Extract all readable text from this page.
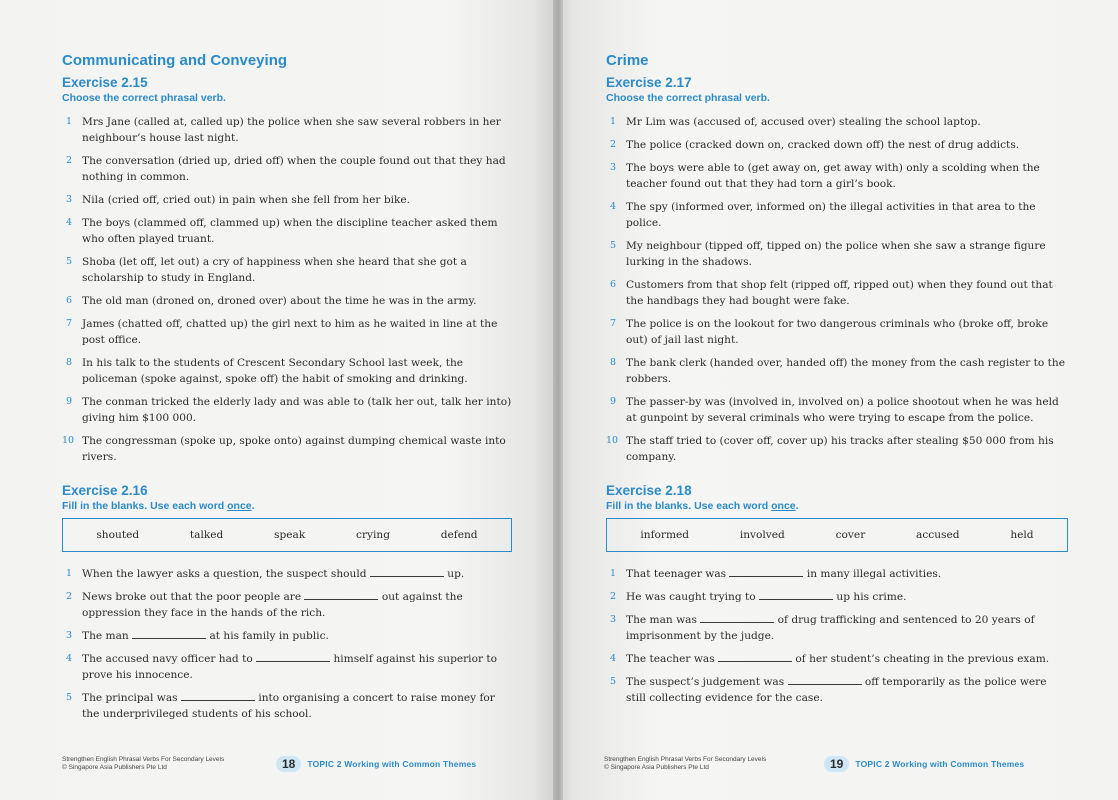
Communicating and Conveying
Exercise 2.15
Choose the correct phrasal verb.
1 Mrs Jane (called at, called up) the police when she saw several robbers in her neighbour’s house last night.
2 The conversation (dried up, dried off) when the couple found out that they had nothing in common.
3 Nila (cried off, cried out) in pain when she fell from her bike.
4 The boys (clammed off, clammed up) when the discipline teacher asked them who often played truant.
5 Shoba (let off, let out) a cry of happiness when she heard that she got a scholarship to study in England.
6 The old man (droned on, droned over) about the time he was in the army.
7 James (chatted off, chatted up) the girl next to him as he waited in line at the post office.
8 In his talk to the students of Crescent Secondary School last week, the policeman (spoke against, spoke off) the habit of smoking and drinking.
9 The conman tricked the elderly lady and was able to (talk her out, talk her into) giving him $100 000.
10 The congressman (spoke up, spoke onto) against dumping chemical waste into rivers.
Exercise 2.16
Fill in the blanks. Use each word once.
shouted	talked	speak	crying	defend
1 When the lawyer asks a question, the suspect should	up.
2 News broke out that the poor people are	out against the oppression they face in the hands of the rich.
3 The man	at his family in public.
4 The accused navy officer had to	himself against his superior to prove his innocence.
5 The principal was	into organising a concert to raise money for the underprivileged students of his school.
Strengthen English Phrasal Verbs For Secondary Levels
© Singapore Asia Publishers Pte Ltd	18	TOPIC 2 Working with Common Themes
Crime
Exercise 2.17
Choose the correct phrasal verb.
1 Mr Lim was (accused of, accused over) stealing the school laptop.
2 The police (cracked down on, cracked down off) the nest of drug addicts.
3 The boys were able to (get away on, get away with) only a scolding when the teacher found out that they had torn a girl’s book.
4 The spy (informed over, informed on) the illegal activities in that area to the police.
5 My neighbour (tipped off, tipped on) the police when she saw a strange figure lurking in the shadows.
6 Customers from that shop felt (ripped off, ripped out) when they found out that the handbags they had bought were fake.
7 The police is on the lookout for two dangerous criminals who (broke off, broke out) of jail last night.
8 The bank clerk (handed over, handed off) the money from the cash register to the robbers.
9 The passer-by was (involved in, involved on) a police shootout when he was held at gunpoint by several criminals who were trying to escape from the police.
10 The staff tried to (cover off, cover up) his tracks after stealing $50 000 from his company.
Exercise 2.18
Fill in the blanks. Use each word once.
informed	involved	cover	accused	held
1 That teenager was	in many illegal activities.
2 He was caught trying to	up his crime.
3 The man was	of drug trafficking and sentenced to 20 years of imprisonment by the judge.
4 The teacher was	of her student’s cheating in the previous exam.
5 The suspect’s judgement was	off temporarily as the police were still collecting evidence for the case.
Strengthen English Phrasal Verbs For Secondary Levels
© Singapore Asia Publishers Pte Ltd	19	TOPIC 2 Working with Common Themes
